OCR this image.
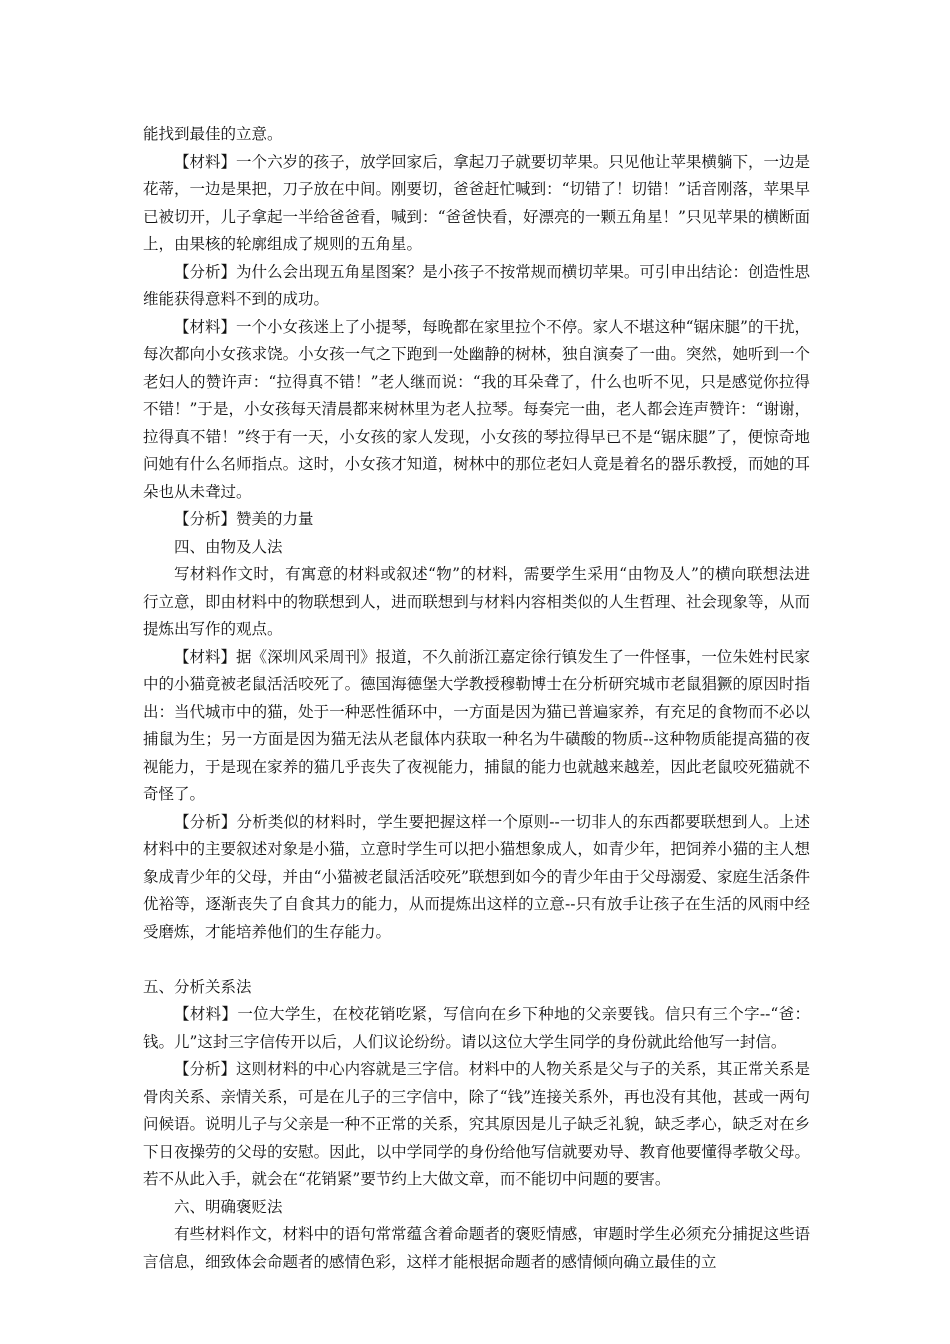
能找到最佳的立意。

【材料】一个六岁的孩子，放学回家后，拿起刀子就要切苹果。只见他让苹果横躺下，一边是花蒂，一边是果把，刀子放在中间。刚要切，爸爸赶忙喊到：“切错了！切错！”话音刚落，苹果早已被切开，儿子拿起一半给爸爸看，喊到：“爸爸快看，好漂亮的一颗五角星！”只见苹果的横断面上，由果核的轮廓组成了规则的五角星。

【分析】为什么会出现五角星图案？是小孩子不按常规而横切苹果。可引申出结论：创造性思维能获得意料不到的成功。

【材料】一个小女孩迷上了小提琴，每晚都在家里拉个不停。家人不堪这种“锯床腿”的干扰，每次都向小女孩求饶。小女孩一气之下跑到一处幽静的树林，独自演奏了一曲。突然，她听到一个老妇人的赞许声：“拉得真不错！”老人继而说：“我的耳朵聋了，什么也听不见，只是感觉你拉得不错！”于是，小女孩每天清晨都来树林里为老人拉琴。每奏完一曲，老人都会连声赞许：“谢谢，拉得真不错！”终于有一天，小女孩的家人发现，小女孩的琴拉得早已不是“锯床腿”了，便惊奇地问她有什么名师指点。这时，小女孩才知道，树林中的那位老妇人竟是着名的器乐教授，而她的耳朵也从未聋过。

【分析】赞美的力量

四、由物及人法

写材料作文时，有寓意的材料或叙述“物”的材料，需要学生采用“由物及人”的横向联想法进行立意，即由材料中的物联想到人，进而联想到与材料内容相类似的人生哲理、社会现象等，从而提炼出写作的观点。

【材料】据《深圳风采周刊》报道，不久前浙江嘉定徐行镇发生了一件怪事，一位朱姓村民家中的小猫竟被老鼠活活咬死了。德国海德堡大学教授穆勒博士在分析研究城市老鼠猖獗的原因时指出：当代城市中的猫，处于一种恶性循环中，一方面是因为猫已普遍家养，有充足的食物而不必以捕鼠为生；另一方面是因为猫无法从老鼠体内获取一种名为牛磺酸的物质--这种物质能提高猫的夜视能力，于是现在家养的猫几乎丧失了夜视能力，捕鼠的能力也就越来越差，因此老鼠咬死猫就不奇怪了。

【分析】分析类似的材料时，学生要把握这样一个原则--一切非人的东西都要联想到人。上述材料中的主要叙述对象是小猫，立意时学生可以把小猫想象成人，如青少年，把饲养小猫的主人想象成青少年的父母，并由“小猫被老鼠活活咬死”联想到如今的青少年由于父母溺爱、家庭生活条件优裕等，逐渐丧失了自食其力的能力，从而提炼出这样的立意--只有放手让孩子在生活的风雨中经受磨炼，才能培养他们的生存能力。

五、分析关系法

【材料】一位大学生，在校花销吃紧，写信向在乡下种地的父亲要钱。信只有三个字--“爸：钱。儿”这封三字信传开以后，人们议论纷纷。请以这位大学生同学的身份就此给他写一封信。

【分析】这则材料的中心内容就是三字信。材料中的人物关系是父与子的关系，其正常关系是骨肉关系、亲情关系，可是在儿子的三字信中，除了“钱”连接关系外，再也没有其他，甚或一两句问候语。说明儿子与父亲是一种不正常的关系，究其原因是儿子缺乏礼貌，缺乏孝心，缺乏对在乡下日夜操劳的父母的安慰。因此，以中学同学的身份给他写信就要劝导、教育他要懂得孝敬父母。若不从此入手，就会在“花销紧”要节约上大做文章，而不能切中问题的要害。

六、明确褒贬法

有些材料作文，材料中的语句常常蕴含着命题者的褒贬情感，审题时学生必须充分捕捉这些语言信息，细致体会命题者的感情色彩，这样才能根据命题者的感情倾向确立最佳的立
